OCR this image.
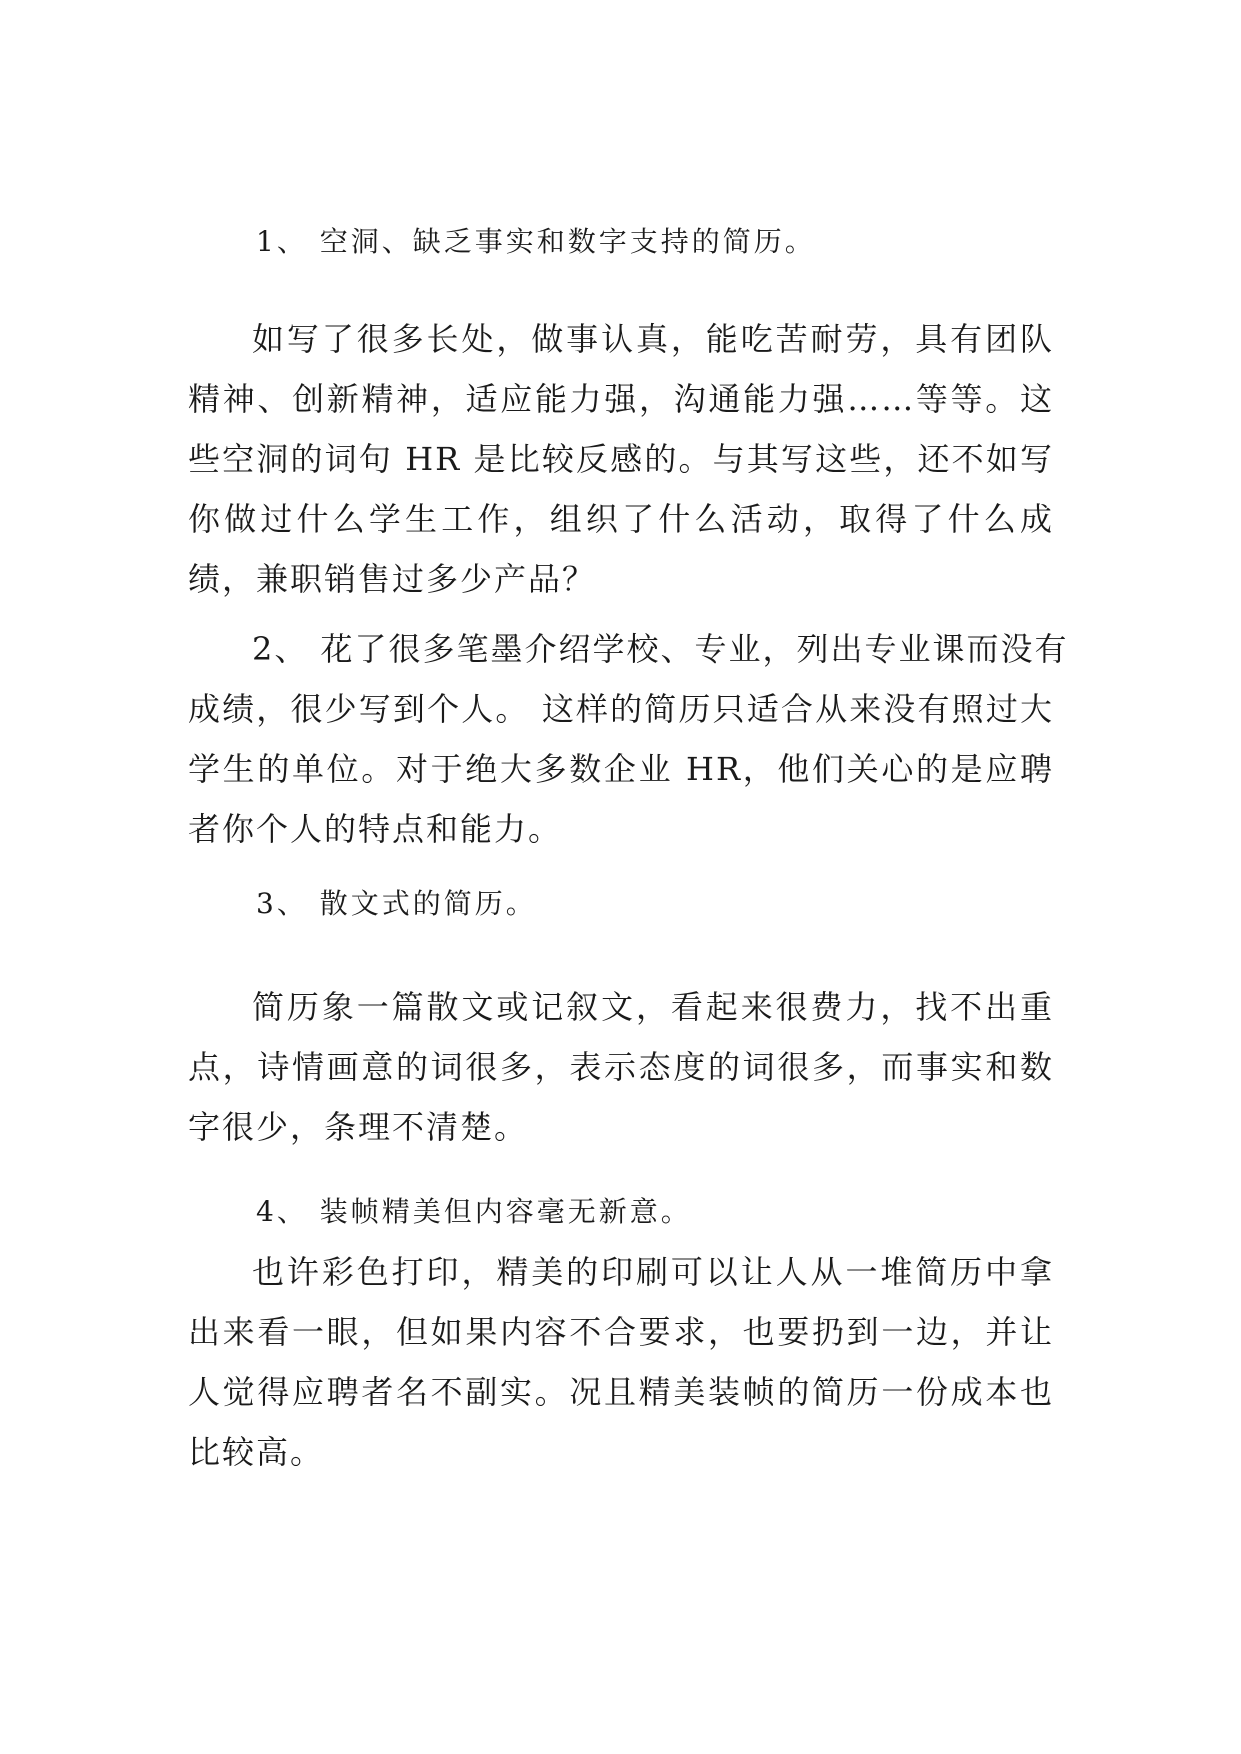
1、 空洞、缺乏事实和数字支持的简历。

如写了很多长处，做事认真，能吃苦耐劳，具有团队精神、创新精神，适应能力强，沟通能力强……等等。这些空洞的词句 HR 是比较反感的。与其写这些，还不如写你做过什么学生工作，组织了什么活动，取得了什么成绩，兼职销售过多少产品？

2、 花了很多笔墨介绍学校、专业，列出专业课而没有

成绩，很少写到个人。 这样的简历只适合从来没有照过大学生的单位。对于绝大多数企业 HR，他们关心的是应聘者你个人的特点和能力。

3、 散文式的简历。

简历象一篇散文或记叙文，看起来很费力，找不出重点，诗情画意的词很多，表示态度的词很多，而事实和数字很少，条理不清楚。

4、 装帧精美但内容毫无新意。

也许彩色打印，精美的印刷可以让人从一堆简历中拿出来看一眼，但如果内容不合要求，也要扔到一边，并让人觉得应聘者名不副实。况且精美装帧的简历一份成本也比较高。
